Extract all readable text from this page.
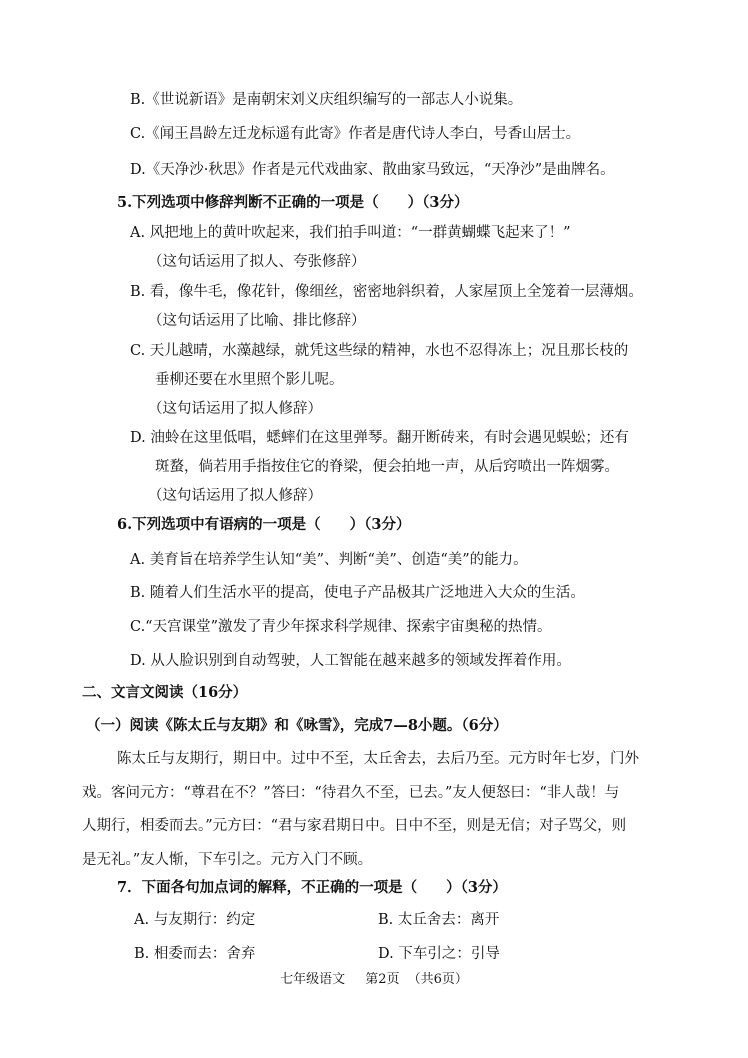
B.《世说新语》是南朝宋刘义庆组织编写的一部志人小说集。
C.《闻王昌龄左迁龙标遥有此寄》作者是唐代诗人李白，号香山居士。
D.《天净沙·秋思》作者是元代戏曲家、散曲家马致远，“天净沙”是曲牌名。
5.下列选项中修辞判断不正确的一项是（　　）（3分）
A. 风把地上的黄叶吹起来，我们拍手叫道：“一群黄蝴蝶飞起来了！”
（这句话运用了拟人、夸张修辞）
B. 看，像牛毛，像花针，像细丝，密密地斜织着，人家屋顶上全笼着一层薄烟。
（这句话运用了比喻、排比修辞）
C. 天儿越晴，水藻越绿，就凭这些绿的精神，水也不忍得冻上；况且那长枝的
垂柳还要在水里照个影儿呢。
（这句话运用了拟人修辞）
D. 油蛉在这里低唱，蟋蟀们在这里弹琴。翻开断砖来，有时会遇见蜈蚣；还有
斑蝥，倘若用手指按住它的脊梁，便会拍地一声，从后窍喷出一阵烟雾。
（这句话运用了拟人修辞）
6.下列选项中有语病的一项是（　　）（3分）
A. 美育旨在培养学生认知“美”、判断“美”、创造“美”的能力。
B. 随着人们生活水平的提高，使电子产品极其广泛地进入大众的生活。
C.“天宫课堂”激发了青少年探求科学规律、探索宇宙奥秘的热情。
D. 从人脸识别到自动驾驶，人工智能在越来越多的领域发挥着作用。
二、文言文阅读（16分）
（一）阅读《陈太丘与友期》和《咏雪》，完成7—8小题。（6分）
陈太丘与友期行，期日中。过中不至，太丘舍去，去后乃至。元方时年七岁，门外
戏。客问元方：“尊君在不？”答曰：“待君久不至，已去。”友人便怒曰：“非人哉！与
人期行，相委而去。”元方曰：“君与家君期日中。日中不至，则是无信；对子骂父，则
是无礼。”友人惭，下车引之。元方入门不顾。
7．下面各句加点词的解释，不正确的一项是（　　）（3分）
A. 与友期行：约定	B. 太丘舍去：离开
B. 相委而去：舍弃	D. 下车引之：引导
七年级语文 第2页 （共6页）
